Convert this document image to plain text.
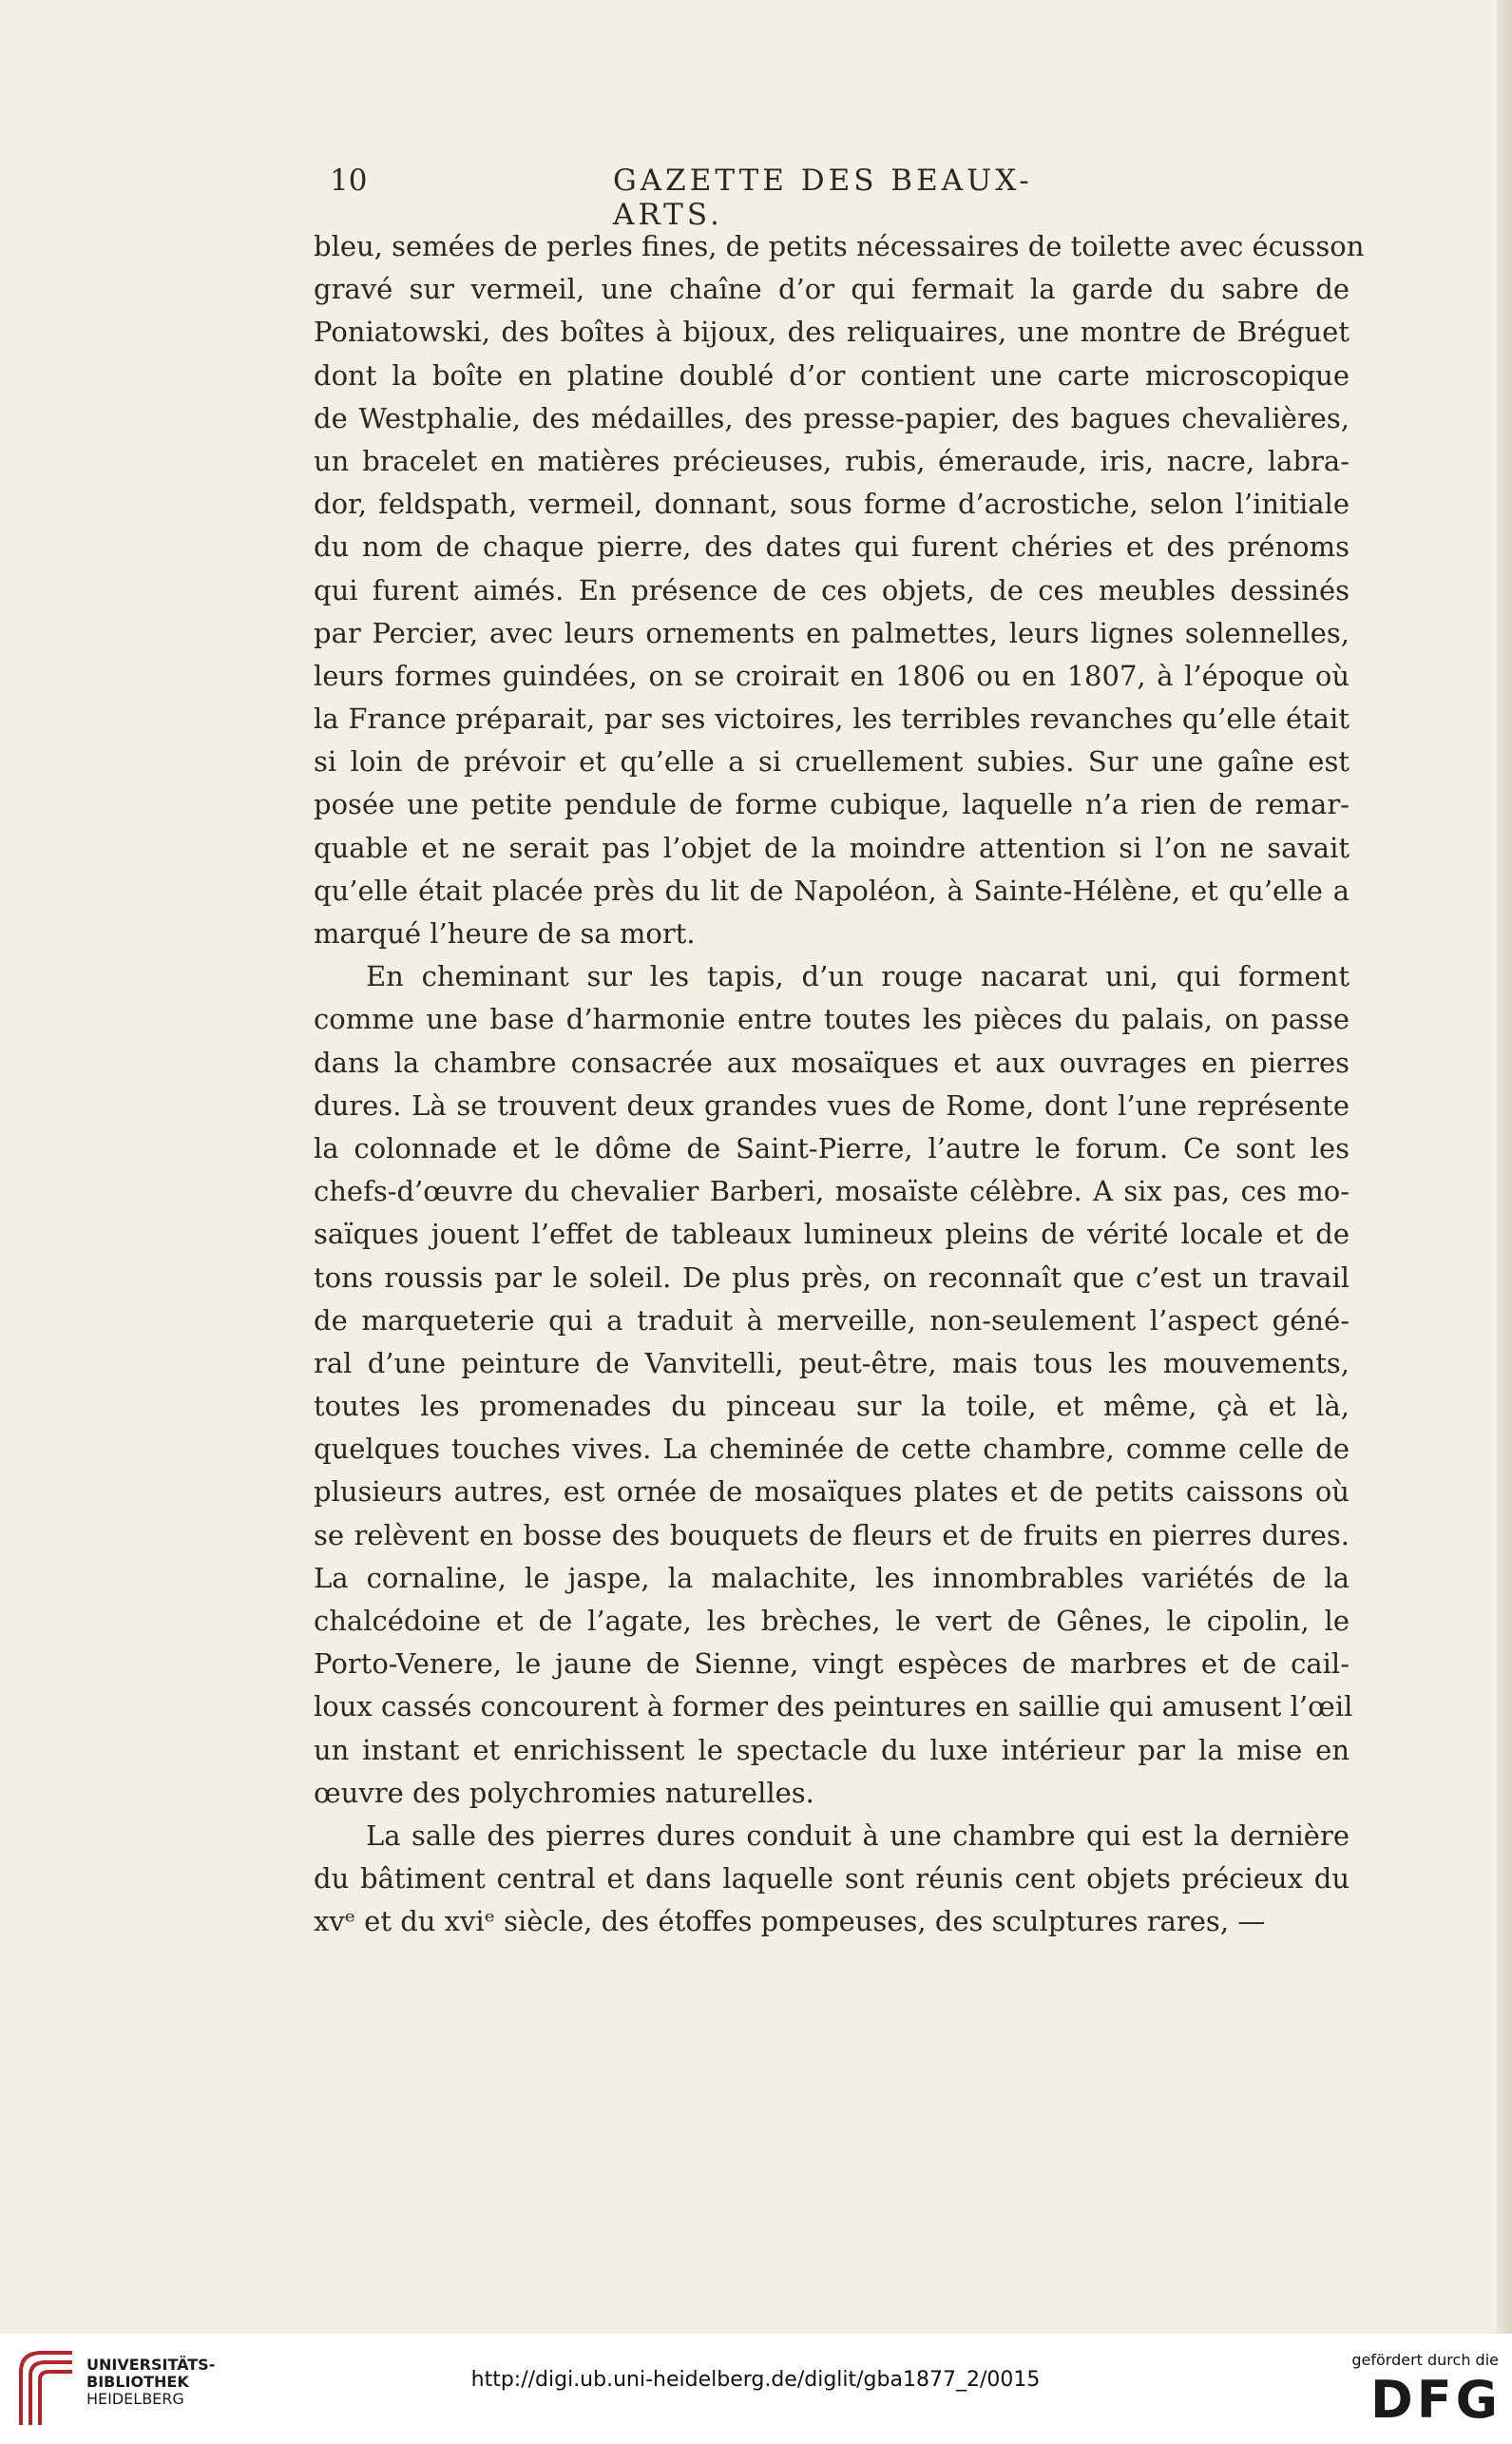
10	GAZETTE DES BEAUX-ARTS.
bleu, semées de perles fines, de petits nécessaires de toilette avec écusson
gravé sur vermeil, une chaîne d’or qui fermait la garde du sabre de
Poniatowski, des boîtes à bijoux, des reliquaires, une montre de Bréguet
dont la boîte en platine doublé d’or contient une carte microscopique
de Westphalie, des médailles, des presse-papier, des bagues chevalières,
un bracelet en matières précieuses, rubis, émeraude, iris, nacre, labra-
dor, feldspath, vermeil, donnant, sous forme d’acrostiche, selon l’initiale
du nom de chaque pierre, des dates qui furent chéries et des prénoms
qui furent aimés. En présence de ces objets, de ces meubles dessinés
par Percier, avec leurs ornements en palmettes, leurs lignes solennelles,
leurs formes guindées, on se croirait en 1806 ou en 1807, à l’époque où
la France préparait, par ses victoires, les terribles revanches qu’elle était
si loin de prévoir et qu’elle a si cruellement subies. Sur une gaîne est
posée une petite pendule de forme cubique, laquelle n’a rien de remar-
quable et ne serait pas l’objet de la moindre attention si l’on ne savait
qu’elle était placée près du lit de Napoléon, à Sainte-Hélène, et qu’elle a
marqué l’heure de sa mort.
En cheminant sur les tapis, d’un rouge nacarat uni, qui forment
comme une base d’harmonie entre toutes les pièces du palais, on passe
dans la chambre consacrée aux mosaïques et aux ouvrages en pierres
dures. Là se trouvent deux grandes vues de Rome, dont l’une représente
la colonnade et le dôme de Saint-Pierre, l’autre le forum. Ce sont les
chefs-d’œuvre du chevalier Barberi, mosaïste célèbre. A six pas, ces mo-
saïques jouent l’effet de tableaux lumineux pleins de vérité locale et de
tons roussis par le soleil. De plus près, on reconnaît que c’est un travail
de marqueterie qui a traduit à merveille, non-seulement l’aspect géné-
ral d’une peinture de Vanvitelli, peut-être, mais tous les mouvements,
toutes les promenades du pinceau sur la toile, et même, çà et là,
quelques touches vives. La cheminée de cette chambre, comme celle de
plusieurs autres, est ornée de mosaïques plates et de petits caissons où
se relèvent en bosse des bouquets de fleurs et de fruits en pierres dures.
La cornaline, le jaspe, la malachite, les innombrables variétés de la
chalcédoine et de l’agate, les brèches, le vert de Gênes, le cipolin, le
Porto-Venere, le jaune de Sienne, vingt espèces de marbres et de cail-
loux cassés concourent à former des peintures en saillie qui amusent l’œil
un instant et enrichissent le spectacle du luxe intérieur par la mise en
œuvre des polychromies naturelles.
La salle des pierres dures conduit à une chambre qui est la dernière
du bâtiment central et dans laquelle sont réunis cent objets précieux du
xvᵉ et du xviᵉ siècle, des étoffes pompeuses, des sculptures rares, —
UNIVERSITÄTS-
BIBLIOTHEK
HEIDELBERG
http://digi.ub.uni-heidelberg.de/diglit/gba1877_2/0015
gefördert durch die
DFG
